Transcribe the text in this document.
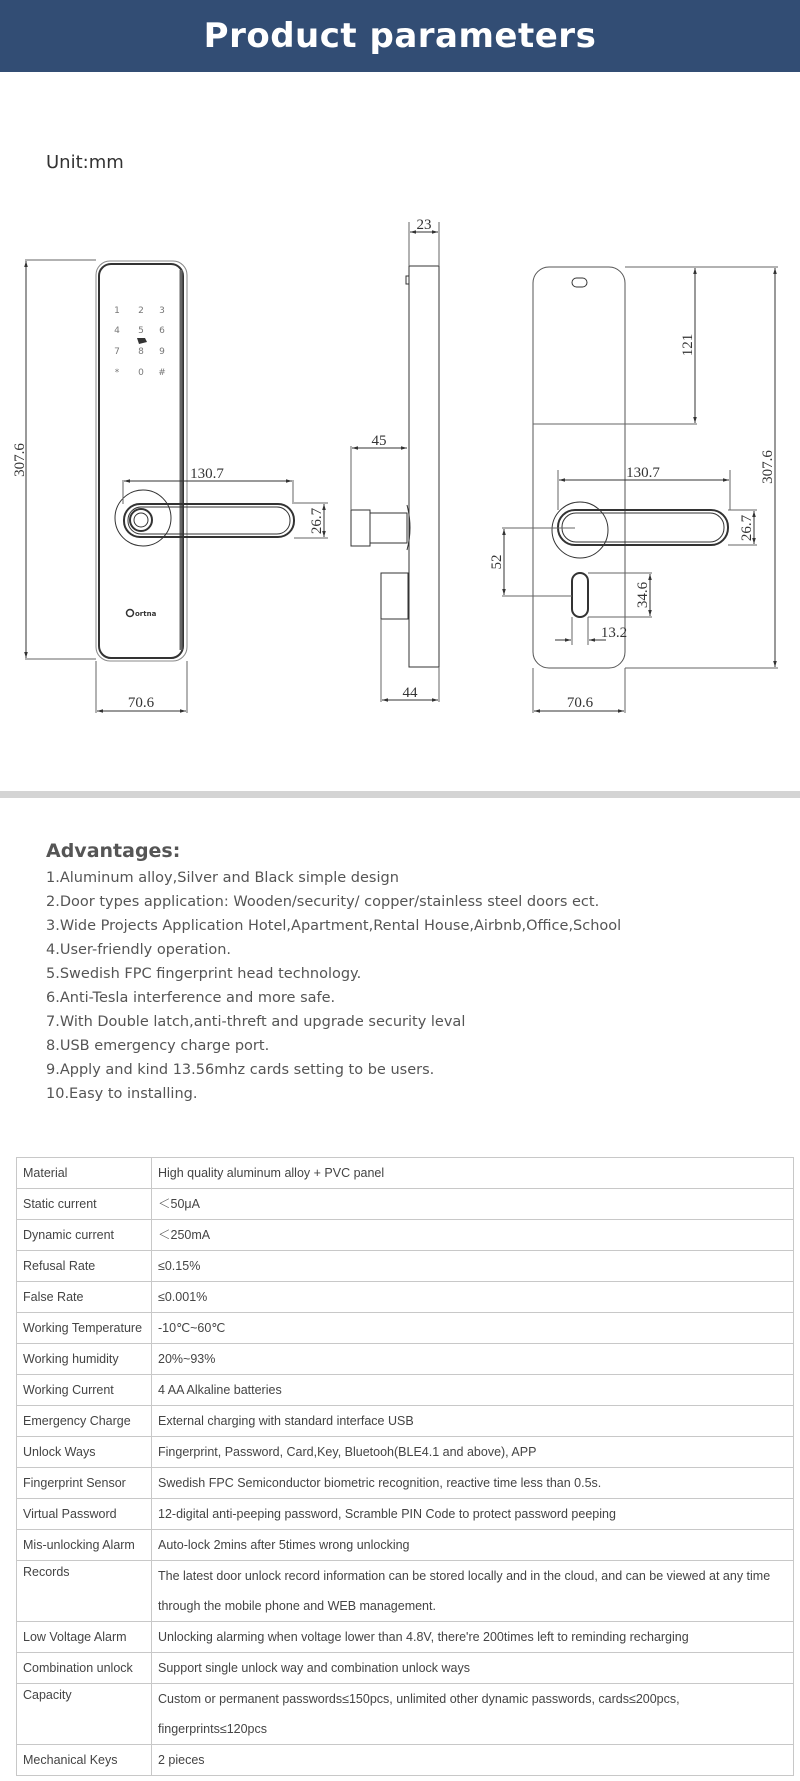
Product parameters
Unit:mm
1 2 3
4 5 6
7 8 9
* 0 #
ortna
307.6
70.6
130.7
26.7
23
45
44
307.6
121
130.7
26.7
52
34.6
13.2
70.6
Advantages:
1.Aluminum alloy,Silver and Black simple design
2.Door types application: Wooden/security/ copper/stainless steel doors ect.
3.Wide Projects Application Hotel,Apartment,Rental House,Airbnb,Office,School
4.User-friendly operation.
5.Swedish FPC fingerprint head technology.
6.Anti-Tesla interference and more safe.
7.With Double latch,anti-threft and upgrade security leval
8.USB emergency charge port.
9.Apply and kind 13.56mhz cards setting to be users.
10.Easy to installing.
Material	High quality aluminum alloy + PVC panel
Static current	＜50μA
Dynamic current	＜250mA
Refusal Rate	≤0.15%
False Rate	≤0.001%
Working Temperature	-10℃~60℃
Working humidity	20%~93%
Working Current	4 AA Alkaline batteries
Emergency Charge	External charging with standard interface USB
Unlock Ways	Fingerprint, Password, Card,Key, Bluetooh(BLE4.1 and above), APP
Fingerprint Sensor	Swedish FPC Semiconductor biometric recognition, reactive time less than 0.5s.
Virtual Password	12-digital anti-peeping password, Scramble PIN Code to protect password peeping
Mis-unlocking Alarm	Auto-lock 2mins after 5times wrong unlocking
Records	The latest door unlock record information can be stored locally and in the cloud, and can be viewed at any time through the mobile phone and WEB management.
Low Voltage Alarm	Unlocking alarming when voltage lower than 4.8V, there're 200times left to reminding recharging
Combination unlock	Support single unlock way and combination unlock ways
Capacity	Custom or permanent passwords≤150pcs, unlimited other dynamic passwords, cards≤200pcs, fingerprints≤120pcs
Mechanical Keys	2 pieces
